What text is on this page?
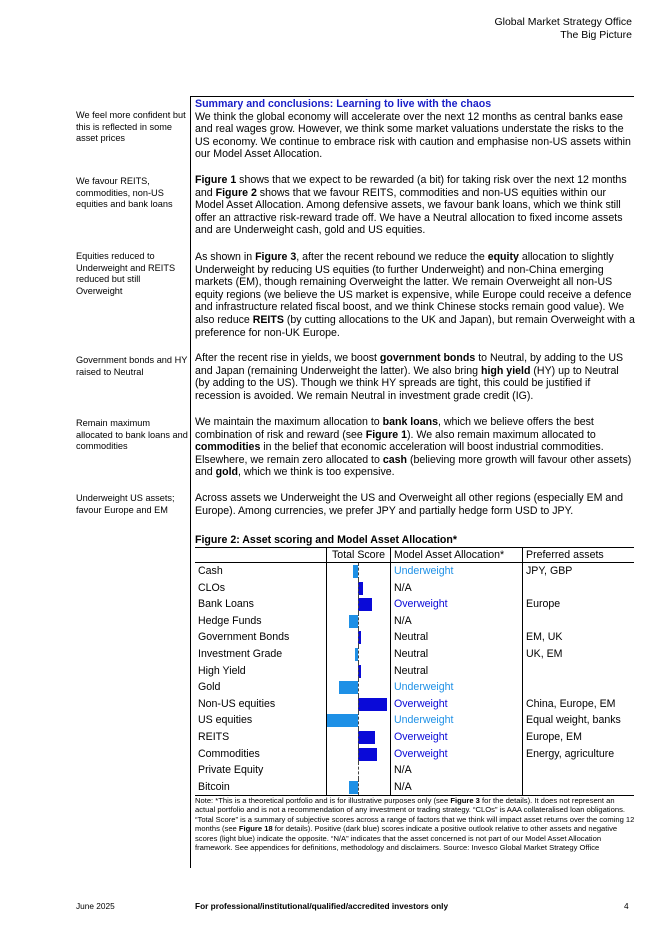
Global Market Strategy Office
The Big Picture
We feel more confident but this is reflected in some asset prices
We favour REITS, commodities, non-US equities and bank loans
Equities reduced to Underweight and REITS reduced but still Overweight
Government bonds and HY raised to Neutral
Remain maximum allocated to bank loans and commodities
Underweight US assets; favour Europe and EM
Summary and conclusions: Learning to live with the chaos
We think the global economy will accelerate over the next 12 months as central banks ease and real wages grow. However, we think some market valuations understate the risks to the US economy. We continue to embrace risk with caution and emphasise non-US assets within our Model Asset Allocation.
Figure 1 shows that we expect to be rewarded (a bit) for taking risk over the next 12 months and Figure 2 shows that we favour REITS, commodities and non-US equities within our Model Asset Allocation. Among defensive assets, we favour bank loans, which we think still offer an attractive risk-reward trade off. We have a Neutral allocation to fixed income assets and are Underweight cash, gold and US equities.
As shown in Figure 3, after the recent rebound we reduce the equity allocation to slightly Underweight by reducing US equities (to further Underweight) and non-China emerging markets (EM), though remaining Overweight the latter. We remain Overweight all non-US equity regions (we believe the US market is expensive, while Europe could receive a defence and infrastructure related fiscal boost, and we think Chinese stocks remain good value). We also reduce REITS (by cutting allocations to the UK and Japan), but remain Overweight with a preference for non-UK Europe.
After the recent rise in yields, we boost government bonds to Neutral, by adding to the US and Japan (remaining Underweight the latter). We also bring high yield (HY) up to Neutral (by adding to the US). Though we think HY spreads are tight, this could be justified if recession is avoided. We remain Neutral in investment grade credit (IG).
We maintain the maximum allocation to bank loans, which we believe offers the best combination of risk and reward (see Figure 1). We also remain maximum allocated to commodities in the belief that economic acceleration will boost industrial commodities. Elsewhere, we remain zero allocated to cash (believing more growth will favour other assets) and gold, which we think is too expensive.
Across assets we Underweight the US and Overweight all other regions (especially EM and Europe). Among currencies, we prefer JPY and partially hedge form USD to JPY.
Figure 2: Asset scoring and Model Asset Allocation*
	Total Score	Model Asset Allocation*	Preferred assets
Cash		Underweight	JPY, GBP
CLOs		N/A	
Bank Loans		Overweight	Europe
Hedge Funds		N/A	
Government Bonds		Neutral	EM, UK
Investment Grade		Neutral	UK, EM
High Yield		Neutral	
Gold		Underweight	
Non-US equities		Overweight	China, Europe, EM
US equities		Underweight	Equal weight, banks
REITS		Overweight	Europe, EM
Commodities		Overweight	Energy, agriculture
Private Equity		N/A	
Bitcoin		N/A	
Note: *This is a theoretical portfolio and is for illustrative purposes only (see Figure 3 for the details). It does not represent an actual portfolio and is not a recommendation of any investment or trading strategy. “CLOs” is AAA collateralised loan obligations. “Total Score” is a summary of subjective scores across a range of factors that we think will impact asset returns over the coming 12 months (see Figure 18 for details). Positive (dark blue) scores indicate a positive outlook relative to other assets and negative scores (light blue) indicate the opposite. “N/A” indicates that the asset concerned is not part of our Model Asset Allocation framework. See appendices for definitions, methodology and disclaimers. Source: Invesco Global Market Strategy Office
June 2025	For professional/institutional/qualified/accredited investors only	4
